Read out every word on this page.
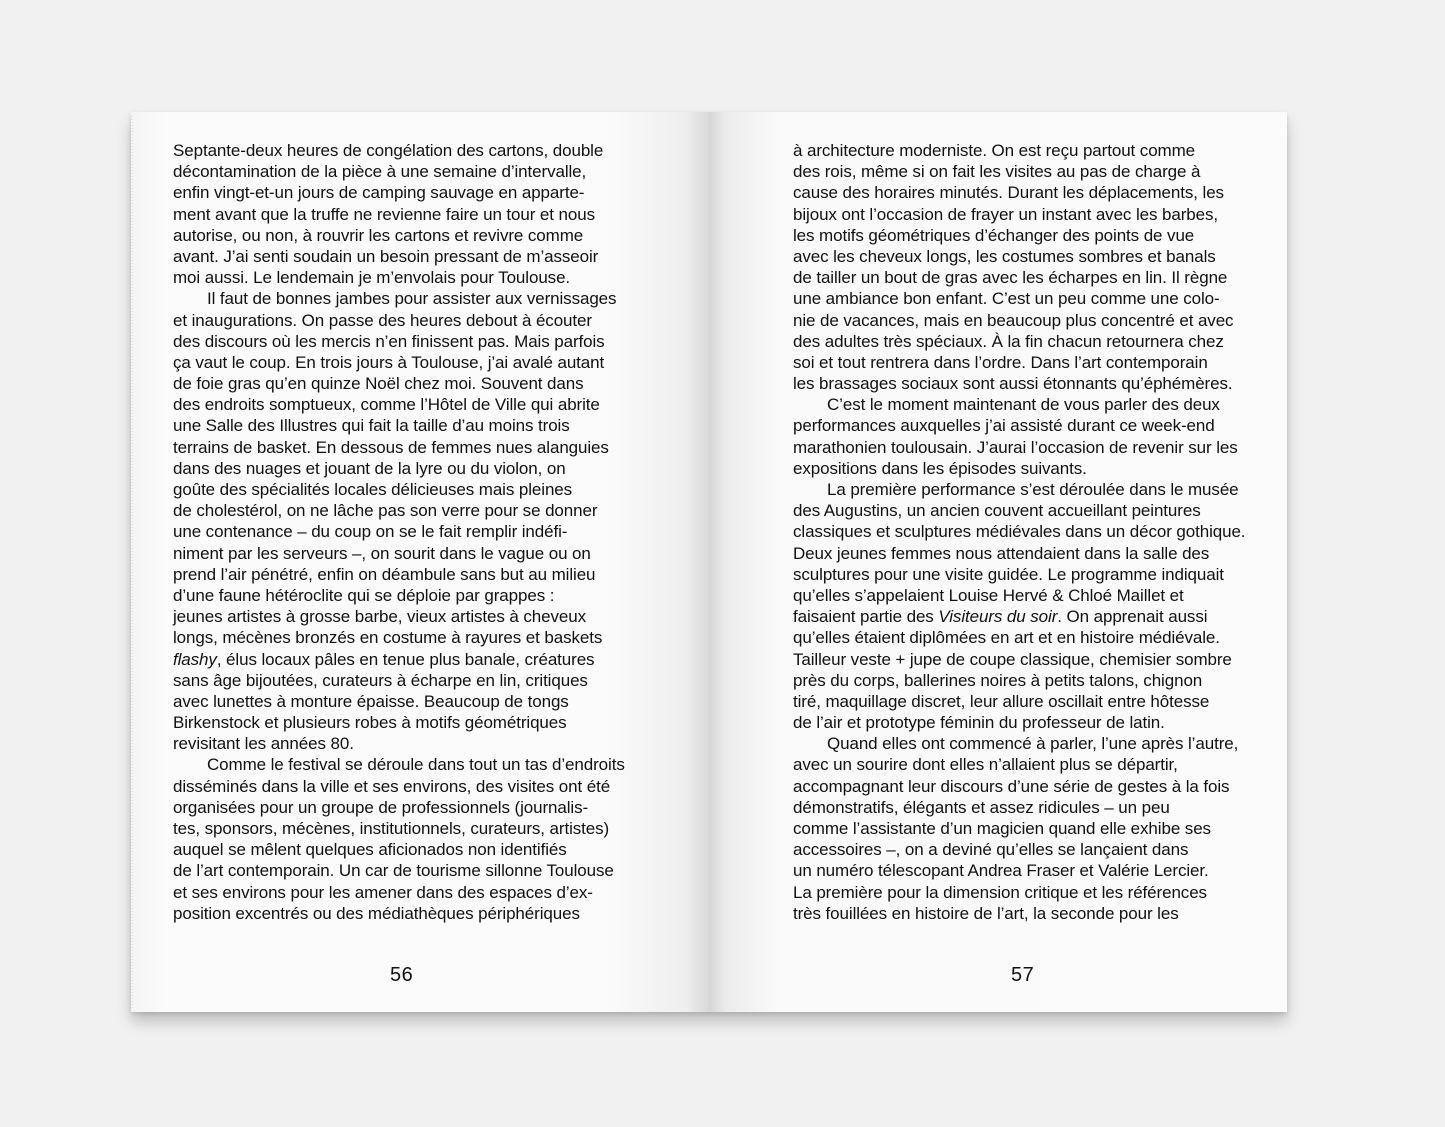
Septante-deux heures de congélation des cartons, double
décontamination de la pièce à une semaine d’intervalle,
enfin vingt-et-un jours de camping sauvage en apparte-
ment avant que la truffe ne revienne faire un tour et nous
autorise, ou non, à rouvrir les cartons et revivre comme
avant. J’ai senti soudain un besoin pressant de m’asseoir
moi aussi. Le lendemain je m’envolais pour Toulouse.
Il faut de bonnes jambes pour assister aux vernissages
et inaugurations. On passe des heures debout à écouter
des discours où les mercis n’en finissent pas. Mais parfois
ça vaut le coup. En trois jours à Toulouse, j’ai avalé autant
de foie gras qu’en quinze Noël chez moi. Souvent dans
des endroits somptueux, comme l’Hôtel de Ville qui abrite
une Salle des Illustres qui fait la taille d’au moins trois
terrains de basket. En dessous de femmes nues alanguies
dans des nuages et jouant de la lyre ou du violon, on
goûte des spécialités locales délicieuses mais pleines
de cholestérol, on ne lâche pas son verre pour se donner
une contenance – du coup on se le fait remplir indéfi-
niment par les serveurs –, on sourit dans le vague ou on
prend l’air pénétré, enfin on déambule sans but au milieu
d’une faune hétéroclite qui se déploie par grappes :
jeunes artistes à grosse barbe, vieux artistes à cheveux
longs, mécènes bronzés en costume à rayures et baskets
flashy, élus locaux pâles en tenue plus banale, créatures
sans âge bijoutées, curateurs à écharpe en lin, critiques
avec lunettes à monture épaisse. Beaucoup de tongs
Birkenstock et plusieurs robes à motifs géométriques
revisitant les années 80.
Comme le festival se déroule dans tout un tas d’endroits
disséminés dans la ville et ses environs, des visites ont été
organisées pour un groupe de professionnels (journalis-
tes, sponsors, mécènes, institutionnels, curateurs, artistes)
auquel se mêlent quelques aficionados non identifiés
de l’art contemporain. Un car de tourisme sillonne Toulouse
et ses environs pour les amener dans des espaces d’ex-
position excentrés ou des médiathèques périphériques
56
à architecture moderniste. On est reçu partout comme
des rois, même si on fait les visites au pas de charge à
cause des horaires minutés. Durant les déplacements, les
bijoux ont l’occasion de frayer un instant avec les barbes,
les motifs géométriques d’échanger des points de vue
avec les cheveux longs, les costumes sombres et banals
de tailler un bout de gras avec les écharpes en lin. Il règne
une ambiance bon enfant. C’est un peu comme une colo-
nie de vacances, mais en beaucoup plus concentré et avec
des adultes très spéciaux. À la fin chacun retournera chez
soi et tout rentrera dans l’ordre. Dans l’art contemporain
les brassages sociaux sont aussi étonnants qu’éphémères.
C’est le moment maintenant de vous parler des deux
performances auxquelles j’ai assisté durant ce week-end
marathonien toulousain. J’aurai l’occasion de revenir sur les
expositions dans les épisodes suivants.
La première performance s’est déroulée dans le musée
des Augustins, un ancien couvent accueillant peintures
classiques et sculptures médiévales dans un décor gothique.
Deux jeunes femmes nous attendaient dans la salle des
sculptures pour une visite guidée. Le programme indiquait
qu’elles s’appelaient Louise Hervé & Chloé Maillet et
faisaient partie des Visiteurs du soir. On apprenait aussi
qu’elles étaient diplômées en art et en histoire médiévale.
Tailleur veste + jupe de coupe classique, chemisier sombre
près du corps, ballerines noires à petits talons, chignon
tiré, maquillage discret, leur allure oscillait entre hôtesse
de l’air et prototype féminin du professeur de latin.
Quand elles ont commencé à parler, l’une après l’autre,
avec un sourire dont elles n’allaient plus se départir,
accompagnant leur discours d’une série de gestes à la fois
démonstratifs, élégants et assez ridicules – un peu
comme l’assistante d’un magicien quand elle exhibe ses
accessoires –, on a deviné qu’elles se lançaient dans
un numéro télescopant Andrea Fraser et Valérie Lercier.
La première pour la dimension critique et les références
très fouillées en histoire de l’art, la seconde pour les
57
